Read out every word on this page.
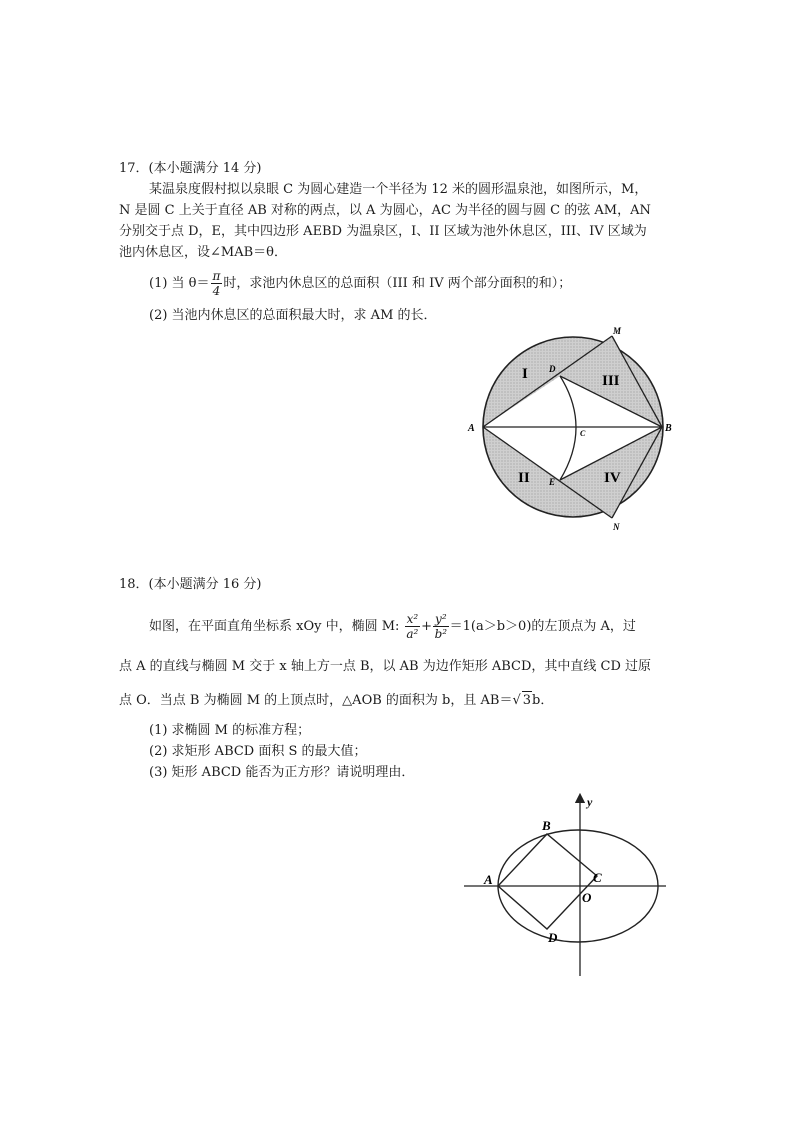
17．(本小题满分 14 分)
某温泉度假村拟以泉眼 C 为圆心建造一个半径为 12 米的圆形温泉池，如图所示，M，
N 是圆 C 上关于直径 AB 对称的两点，以 A 为圆心，AC 为半径的圆与圆 C 的弦 AM，AN
分别交于点 D，E，其中四边形 AEBD 为温泉区，I、II 区域为池外休息区，III、IV 区域为
池内休息区，设∠MAB＝θ．
(1) 当 $\theta= \frac{\pi}{4}$ 时，求池内休息区的总面积（III 和 IV 两个部分面积的和）；
(2) 当池内休息区的总面积最大时，求 AM 的长．
A	B
C
D
E
M
N
I
II
III
IV
18．(本小题满分 16 分)
如图，在平面直角坐标系 xOy 中，椭圆 M: $\frac{\text{x²}}{\text{a²}} + \frac{\text{y²}}{\text{b²}} =1(a>b>0)$的左顶点为 A，过
点 A 的直线与椭圆 M 交于 x 轴上方一点 B，以 AB 为边作矩形 ABCD，其中直线 CD 过原
点 O．当点 B 为椭圆 M 的上顶点时，△AOB 的面积为 b，且 AB＝√ 3b．
(1) 求椭圆 M 的标准方程；
(2) 求矩形 ABCD 面积 S 的最大值；
(3) 矩形 ABCD 能否为正方形？请说明理由．
y
A
B
C
D
O
